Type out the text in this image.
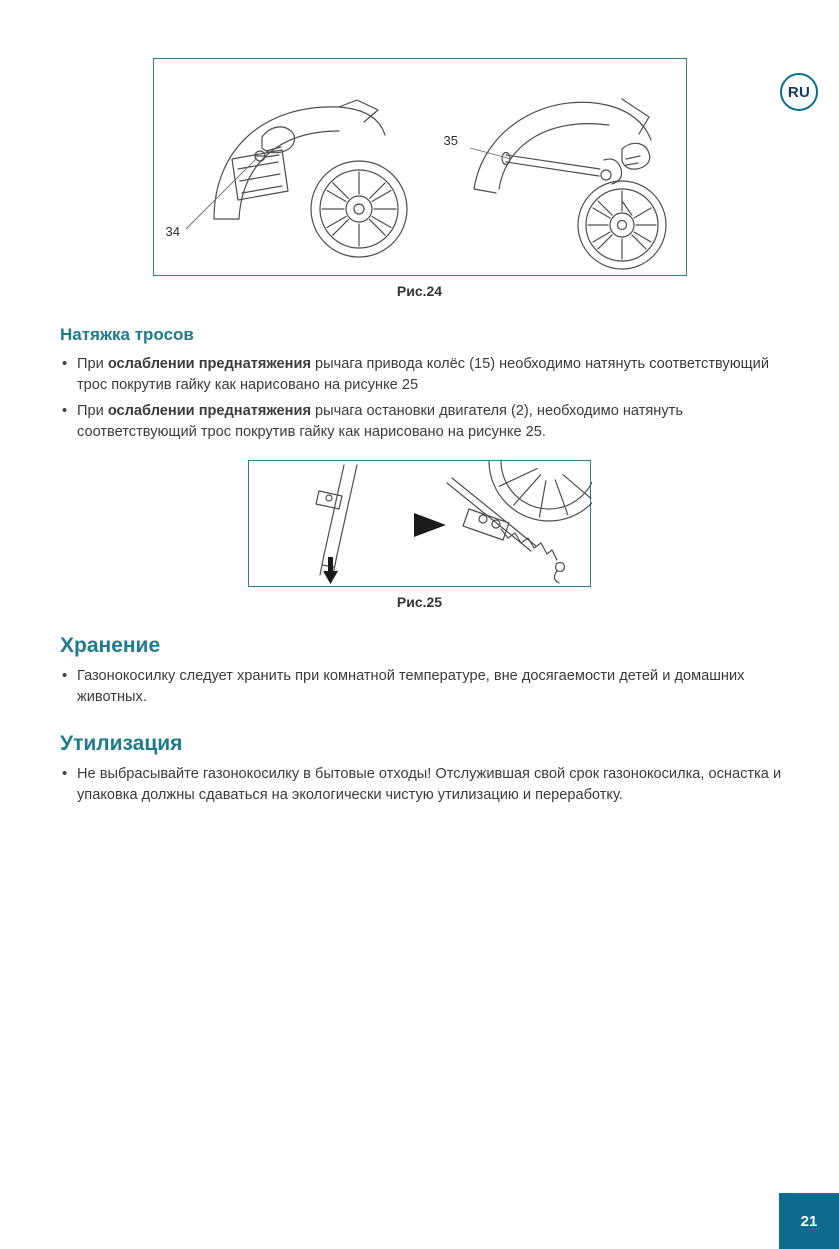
RU
34
35
Рис.24
Натяжка тросов
• При ослаблении преднатяжения рычага привода колёс (15) необходимо натянуть соответствующий трос покрутив гайку как нарисовано на рисунке 25
• При ослаблении преднатяжения рычага остановки двигателя (2), необходимо натянуть соответствующий трос покрутив гайку как нарисовано на рисунке 25.
Рис.25
Хранение
• Газонокосилку следует хранить при комнатной температуре, вне досягаемости детей и домашних животных.
Утилизация
• Не выбрасывайте газонокосилку в бытовые отходы! Отслужившая свой срок газонокосилка, оснастка и упаковка должны сдаваться на экологически чистую утилизацию и переработку.
21
